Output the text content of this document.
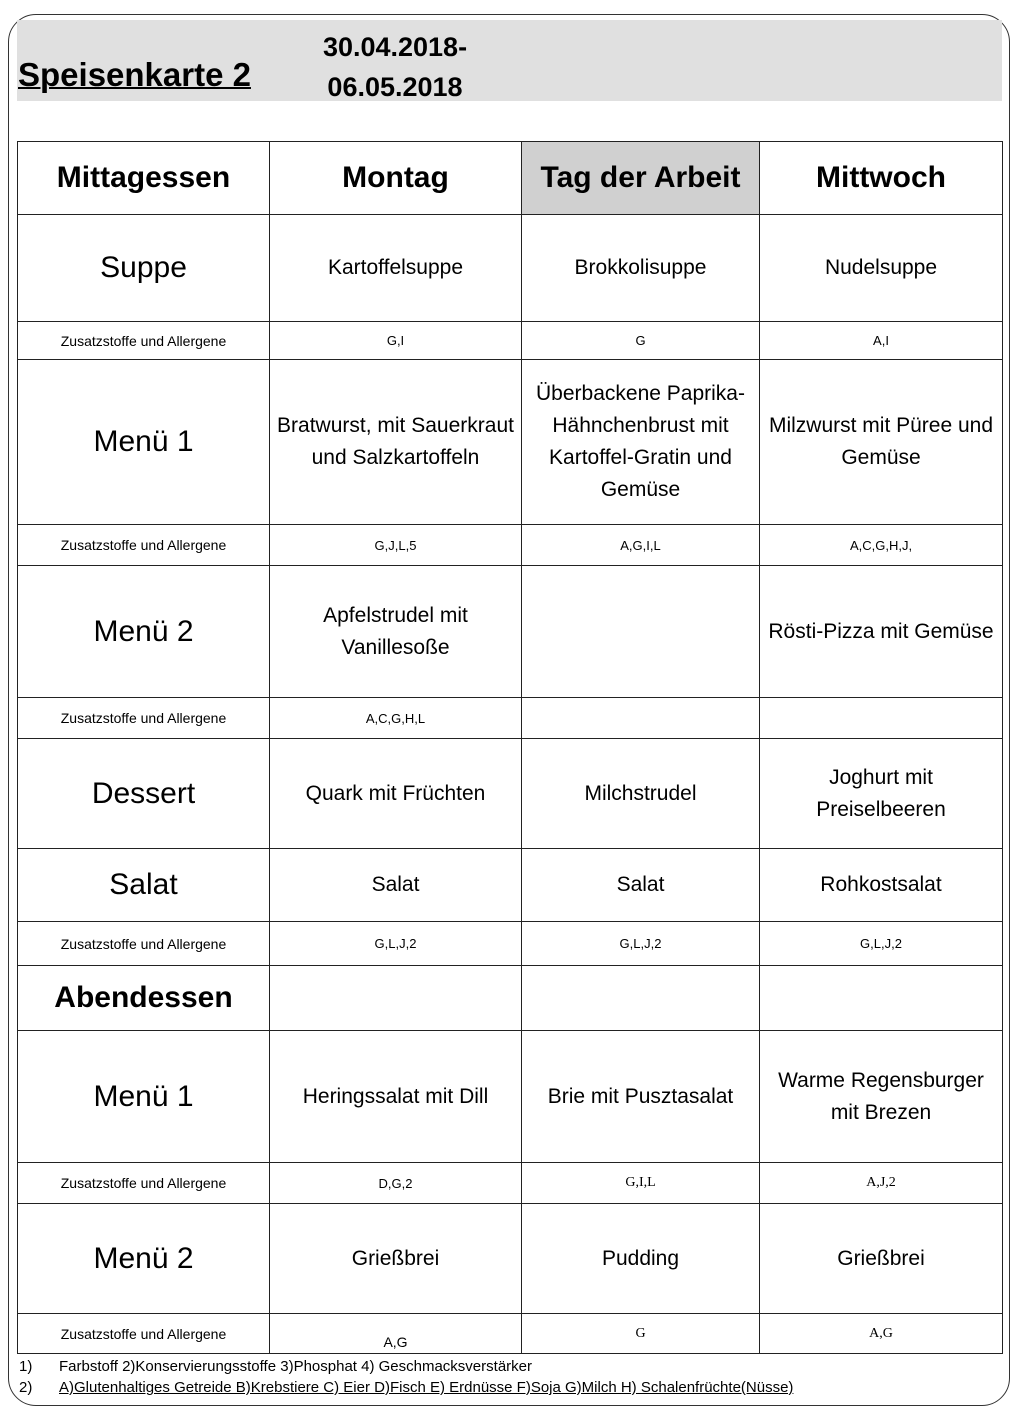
Speisenkarte 2
30.04.2018-
06.05.2018
Mittagessen	Montag	Tag der Arbeit	Mittwoch
Suppe	Kartoffelsuppe	Brokkolisuppe	Nudelsuppe
Zusatzstoffe und Allergene	G,I	G	A,I
Menü 1	Bratwurst, mit Sauerkraut und Salzkartoffeln	Überbackene Paprika-Hähnchenbrust mit Kartoffel-Gratin und Gemüse	Milzwurst mit Püree und Gemüse
Zusatzstoffe und Allergene	G,J,L,5	A,G,I,L	A,C,G,H,J,
Menü 2	Apfelstrudel mit Vanillesoße		Rösti-Pizza mit Gemüse
Zusatzstoffe und Allergene	A,C,G,H,L		
Dessert	Quark mit Früchten	Milchstrudel	Joghurt mit Preiselbeeren
Salat	Salat	Salat	Rohkostsalat
Zusatzstoffe und Allergene	G,L,J,2	G,L,J,2	G,L,J,2
Abendessen			
Menü 1	Heringssalat mit Dill	Brie mit Pusztasalat	Warme Regensburger mit Brezen
Zusatzstoffe und Allergene	D,G,2	G,I,L	A,J,2
Menü 2	Grießbrei	Pudding	Grießbrei
Zusatzstoffe und Allergene	A,G	G	A,G
1)	Farbstoff 2)Konservierungsstoffe 3)Phosphat 4) Geschmacksverstärker
2)	A)Glutenhaltiges Getreide B)Krebstiere C) Eier D)Fisch E) Erdnüsse F)Soja G)Milch H) Schalenfrüchte(Nüsse)
